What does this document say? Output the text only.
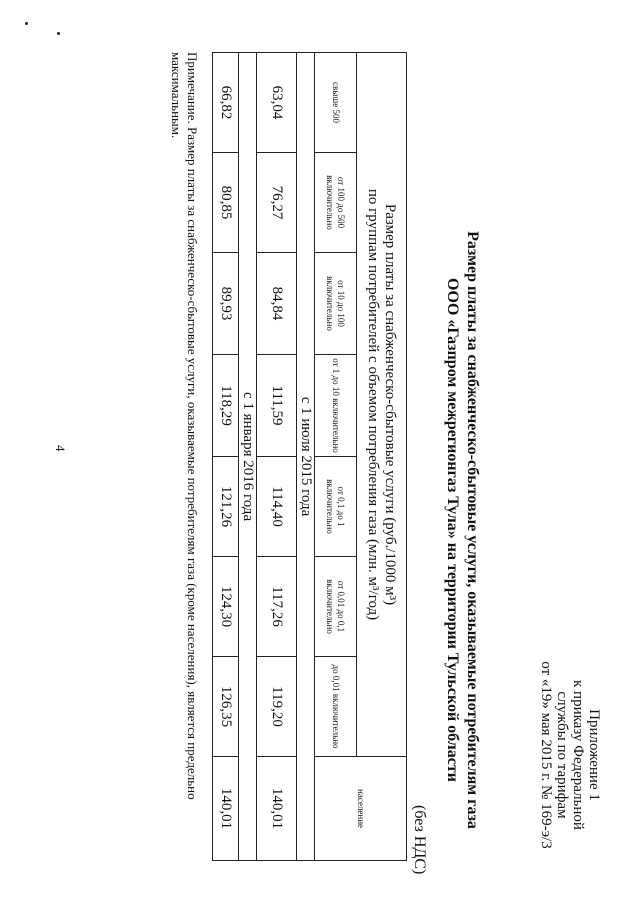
Приложение 1
к приказу Федеральной
службы по тарифам
от «19» мая 2015 г. № 169-э/3
Размер платы за снабженческо-сбытовые услуги, оказываемые потребителям газа
ООО «Газпром межрегионгаз Тула» на территории Тульской области
(без НДС)
Размер платы за снабженческо-сбытовые услуги (руб./1000 м³)
по группам потребителей с объемом потребления газа (млн. м³/год)							население
свыше 500	от 100 до 500 включительно	от 10 до 100 включительно	от 1 до 10 включительно	от 0,1 до 1 включительно	от 0,01 до 0,1 включительно	до 0,01 включительно	
с 1 июля 2015 года							
63,04	76,27	84,84	111,59	114,40	117,26	119,20	140,01
с 1 января 2016 года							
66,82	80,85	89,93	118,29	121,26	124,30	126,35	140,01
Примечание. Размер платы за снабженческо-сбытовые услуги, оказываемые потребителям газа (кроме населения), является предельно максимальным.
4
